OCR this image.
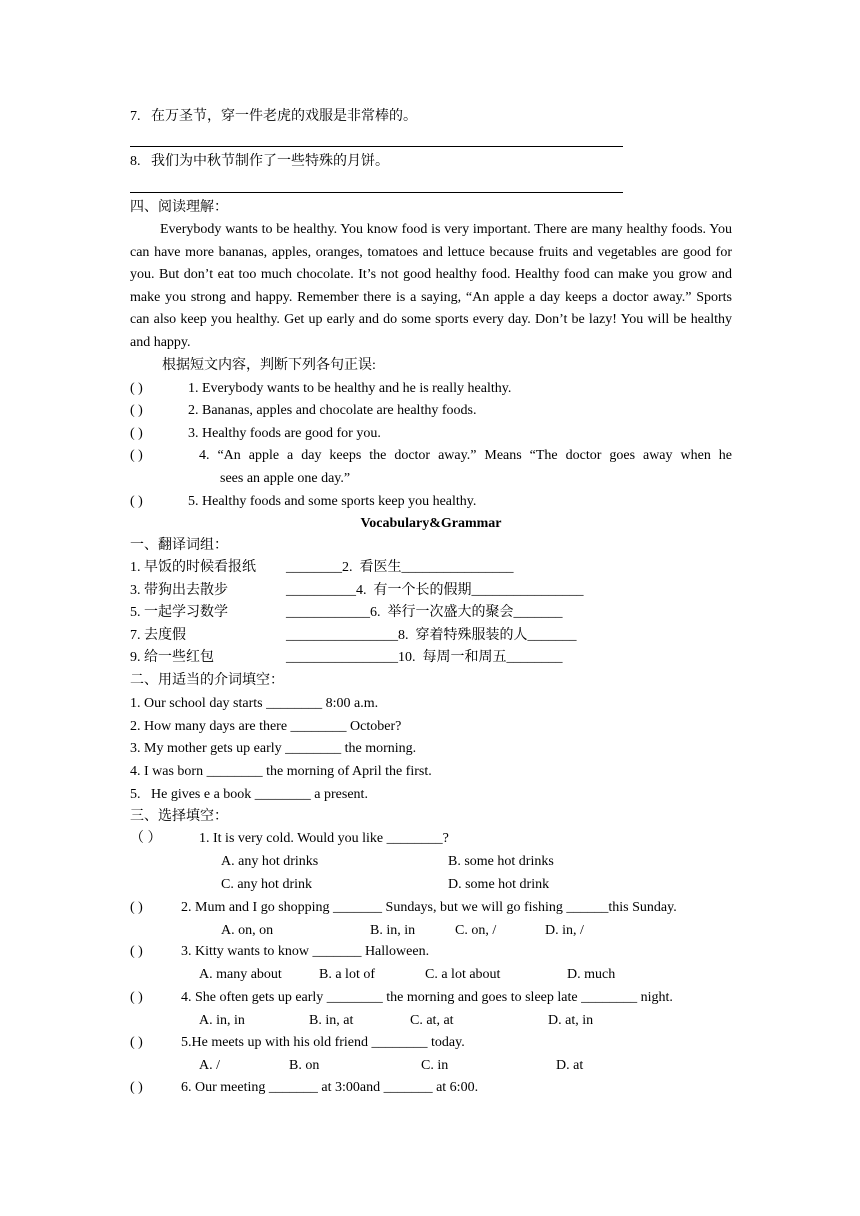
7. 在万圣节，穿一件老虎的戏服是非常棒的。
8. 我们为中秋节制作了一些特殊的月饼。
四、阅读理解：

Everybody wants to be healthy. You know food is very important. There are many healthy foods. You can have more bananas, apples, oranges, tomatoes and lettuce because fruits and vegetables are good for you. But don’t eat too much chocolate. It’s not good healthy food. Healthy food can make you grow and make you strong and happy. Remember there is a saying, “An apple a day keeps a doctor away.” Sports can also keep you healthy. Get up early and do some sports every day. Don’t be lazy! You will be healthy and happy.

根据短文内容，判断下列各句正误:
( )	1. Everybody wants to be healthy and he is really healthy.
( )	2. Bananas, apples and chocolate are healthy foods.
( )	3. Healthy foods are good for you.
( )	4. “An apple a day keeps the doctor away.” Means “The doctor goes away when he
sees an apple one day.”
( )	5. Healthy foods and some sports keep you healthy.
Vocabulary&Grammar
一、翻译词组：
1. 早饭的时候看报纸 ________2.  看医生________________
3. 带狗出去散步	__________4.  有一个长的假期________________
5. 一起学习数学	____________6.  举行一次盛大的聚会_______
7. 去度假	________________8.  穿着特殊服装的人_______
9. 给一些红包	________________10.  每周一和周五________
二、用适当的介词填空：
1. Our school day starts ________ 8:00 a.m.
2. How many days are there ________ October?
3. My mother gets up early ________ the morning.
4. I was born ________ the morning of April the first.
5.   He gives e a book ________ a present.
三、选择填空：
（ ）	1. It is very cold. Would you like ________?
A. any hot drinks	B. some hot drinks
C. any hot drink	D. some hot drink
( )	2. Mum and I go shopping _______ Sundays, but we will go fishing ______this Sunday.
A. on, on	B. in, in	C. on, /	D. in, /
( )	3. Kitty wants to know _______ Halloween.
A. many about	B. a lot of	C. a lot about	D. much
( )	4. She often gets up early ________ the morning and goes to sleep late ________ night.
A. in, in	B. in, at	C. at, at	D. at, in
( )	5.He meets up with his old friend ________ today.
A. /	B. on	C. in	D. at
( )	6. Our meeting _______ at 3:00and _______ at 6:00.
